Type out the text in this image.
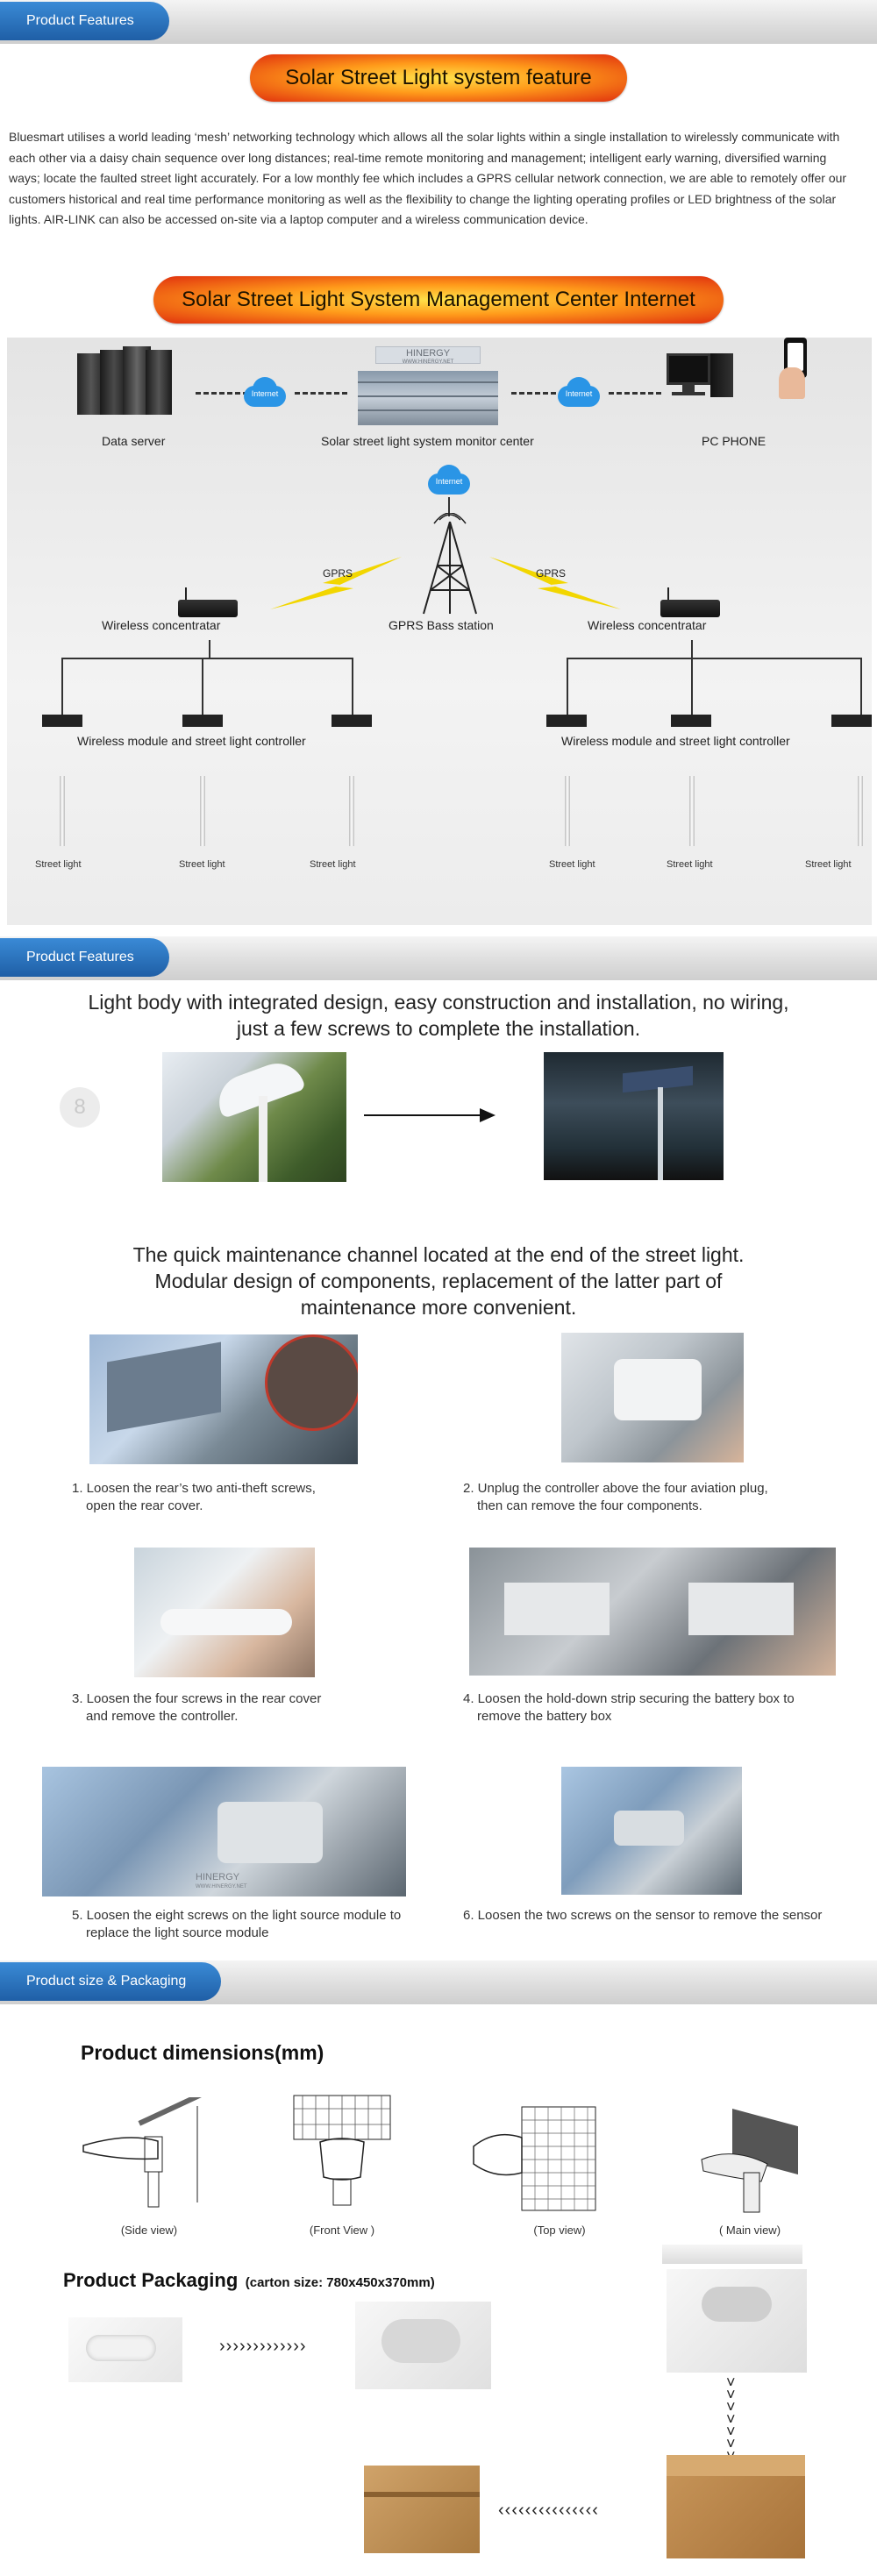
Product Features
Solar Street Light system feature
Bluesmart utilises a world leading ‘mesh’ networking technology which allows all the solar lights within a single installation to wirelessly communicate with each other via a daisy chain sequence over long distances; real-time remote monitoring and management; intelligent early warning, diversified warning ways; locate the faulted street light accurately. For a low monthly fee which includes a GPRS cellular network connection, we are able to remotely offer our customers historical and real time performance monitoring as well as the flexibility to change the lighting operating profiles or LED brightness of the solar lights. AIR-LINK can also be accessed on-site via a laptop computer and a wireless communication device.
Solar Street Light System Management Center Internet
Data server
Internet
HINERGY
WWW.HINERGY.NET
Solar street light system monitor center
Internet
PC PHONE
Internet
GPRS Bass station
GPRS	GPRS
Wireless concentratar	Wireless concentratar
Wireless module and street light controller	Wireless module and street light controller
Street light	Street light	Street light	Street light	Street light	Street light
Product Features
Light body with integrated design, easy construction and installation, no wiring,
just a few screws to complete the installation.
8
The quick maintenance channel located at the end of the street light.
Modular design of components, replacement of the latter part of
maintenance more convenient.
1. Loosen the rear’s two anti-theft screws,
open the rear cover.
2. Unplug the controller above the four aviation plug,
then can remove the four components.
3. Loosen the four screws in the rear cover
and remove the controller.
4. Loosen the hold-down strip securing the battery box to
remove the battery box
HINERGY
WWW.HINERGY.NET
5. Loosen the eight screws on the light source module to
replace the light source module
6. Loosen the two screws on the sensor to remove the sensor
Product size & Packaging
Product dimensions(mm)
(Side view)	(Front View )	(Top view)	( Main view)
Product Packaging (carton size: 780x450x370mm)
›››››››››››››
˅˅˅˅˅˅
‹‹‹‹‹‹‹‹‹‹‹‹‹‹‹
